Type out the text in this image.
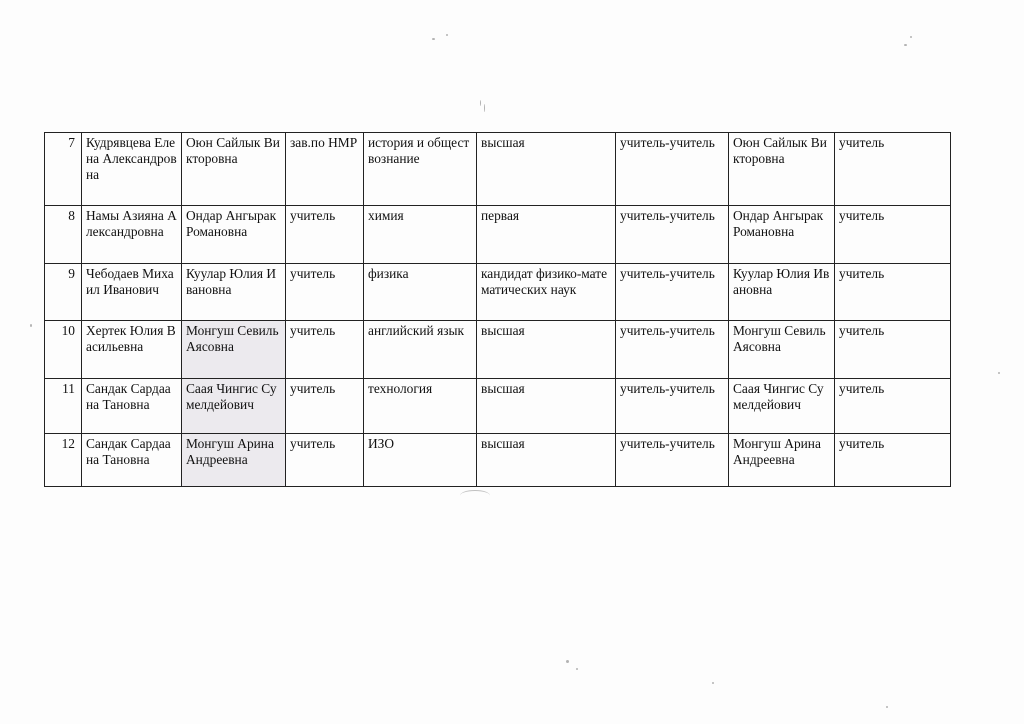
7	Кудрявцева Елена Александровна	Оюн Сайлык Викторовна	зав.по НМР	история и обществознание	высшая	учитель-учитель	Оюн Сайлык Викторовна	учитель
8	Намы Азияна Александровна	Ондар Ангырак Романовна	учитель	химия	первая	учитель-учитель	Ондар Ангырак Романовна	учитель
9	Чебодаев Михаил Иванович	Куулар Юлия Ивановна	учитель	физика	кандидат физико-математических наук	учитель-учитель	Куулар Юлия Ивановна	учитель
10	Хертек Юлия Васильевна	Монгуш Севиль Аясовна	учитель	английский язык	высшая	учитель-учитель	Монгуш Севиль Аясовна	учитель
11	Сандак Сардаана Тановна	Саая Чингис Сумелдейович	учитель	технология	высшая	учитель-учитель	Саая Чингис Сумелдейович	учитель
12	Сандак Сардаана Тановна	Монгуш Арина Андреевна	учитель	ИЗО	высшая	учитель-учитель	Монгуш Арина Андреевна	учитель
